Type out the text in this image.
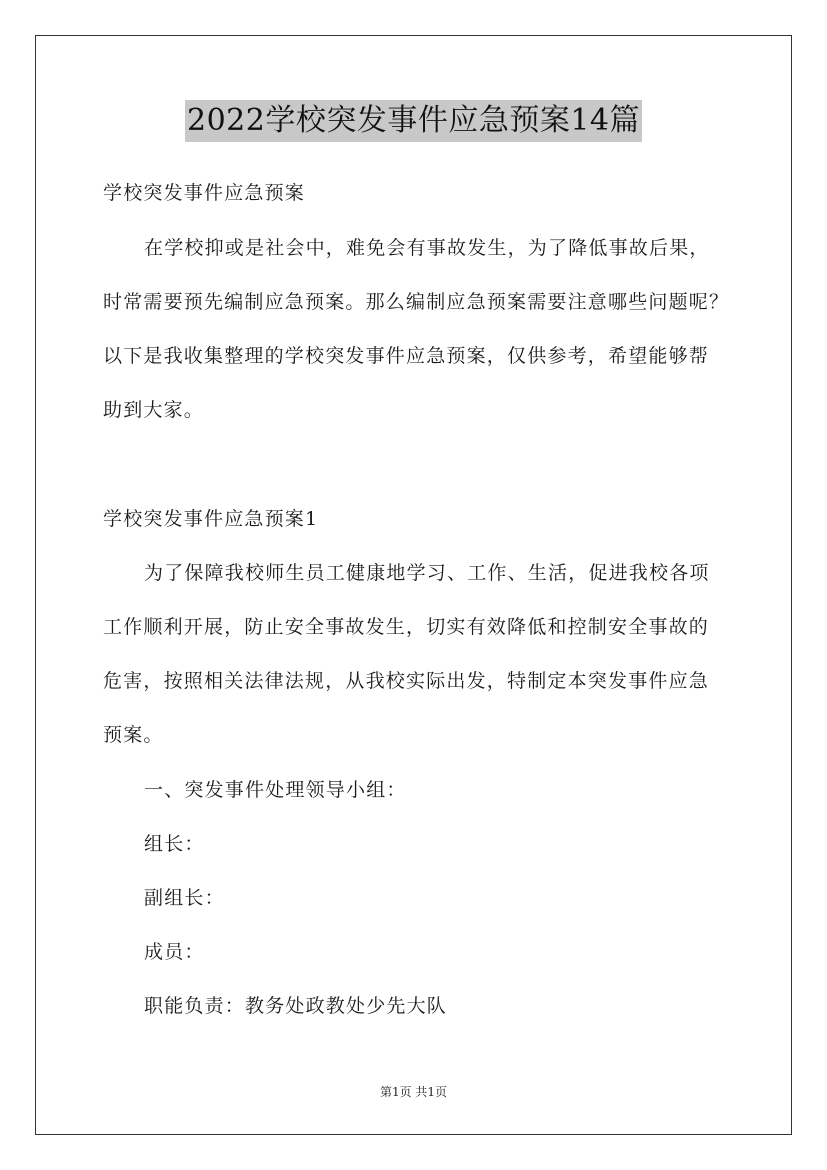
2022学校突发事件应急预案14篇
学校突发事件应急预案
在学校抑或是社会中，难免会有事故发生，为了降低事故后果，
时常需要预先编制应急预案。那么编制应急预案需要注意哪些问题呢？
以下是我收集整理的学校突发事件应急预案，仅供参考，希望能够帮
助到大家。
学校突发事件应急预案1
为了保障我校师生员工健康地学习、工作、生活，促进我校各项
工作顺利开展，防止安全事故发生，切实有效降低和控制安全事故的
危害，按照相关法律法规，从我校实际出发，特制定本突发事件应急
预案。
一、突发事件处理领导小组：
组长：
副组长：
成员：
职能负责：教务处政教处少先大队
第1页 共1页
